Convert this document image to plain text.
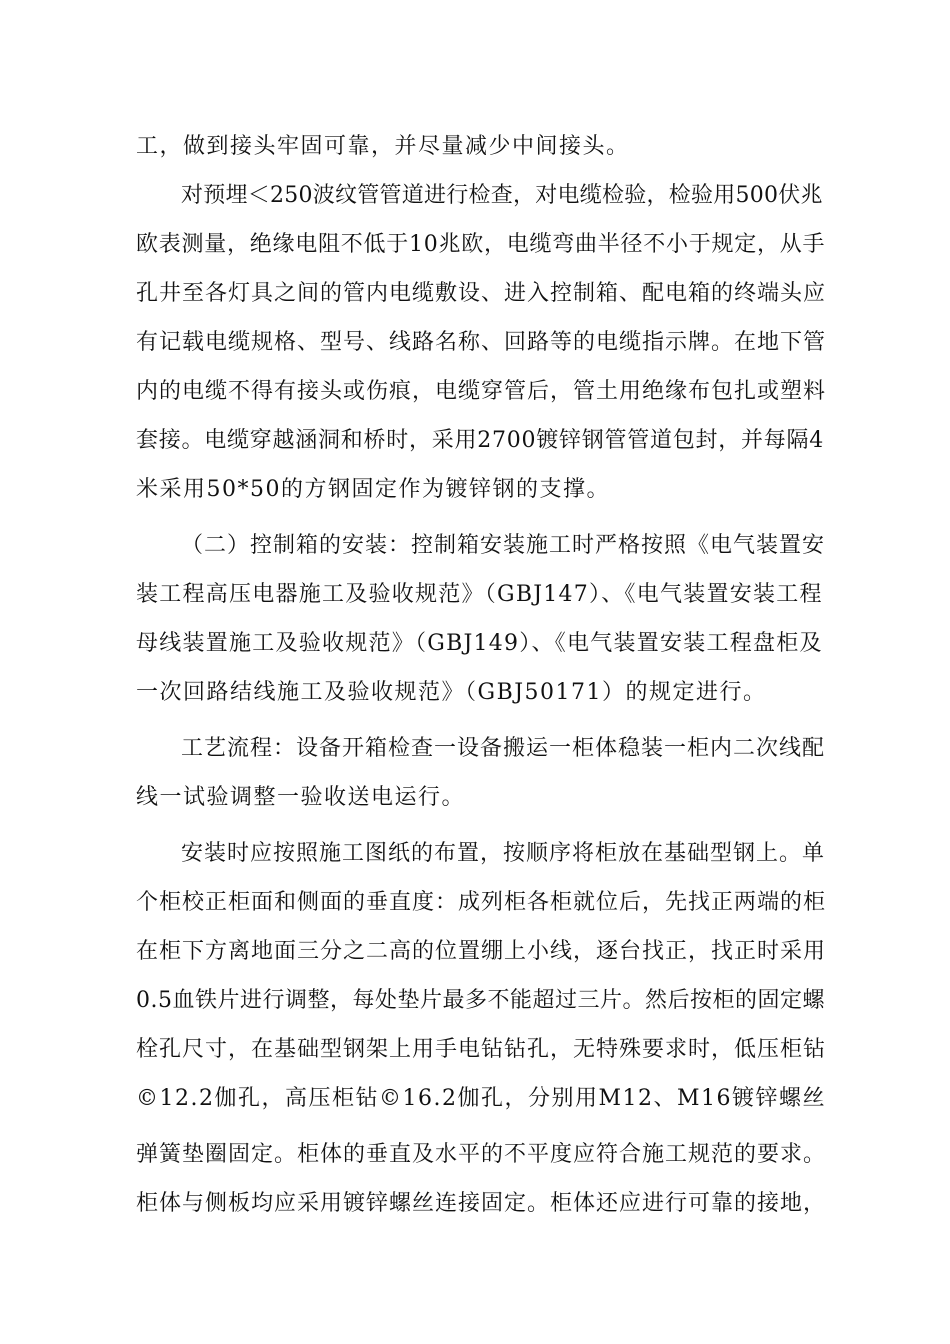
工，做到接头牢固可靠，并尽量减少中间接头。
对预埋＜250波纹管管道进行检查，对电缆检验，检验用500伏兆
欧表测量，绝缘电阻不低于10兆欧，电缆弯曲半径不小于规定，从手
孔井至各灯具之间的管内电缆敷设、进入控制箱、配电箱的终端头应
有记载电缆规格、型号、线路名称、回路等的电缆指示牌。在地下管
内的电缆不得有接头或伤痕，电缆穿管后，管土用绝缘布包扎或塑料
套接。电缆穿越涵洞和桥时，采用2700镀锌钢管管道包封，并每隔4
米采用50*50的方钢固定作为镀锌钢的支撑。
（二）控制箱的安装：控制箱安装施工时严格按照《电气装置安
装工程高压电器施工及验收规范》（GBJ147）、《电气装置安装工程
母线装置施工及验收规范》（GBJ149）、《电气装置安装工程盘柜及
一次回路结线施工及验收规范》（GBJ50171）的规定进行。
工艺流程：设备开箱检查一设备搬运一柜体稳装一柜内二次线配
线一试验调整一验收送电运行。
安装时应按照施工图纸的布置，按顺序将柜放在基础型钢上。单
个柜校正柜面和侧面的垂直度：成列柜各柜就位后，先找正两端的柜
在柜下方离地面三分之二高的位置绷上小线，逐台找正，找正时采用
0.5血铁片进行调整，每处垫片最多不能超过三片。然后按柜的固定螺
栓孔尺寸，在基础型钢架上用手电钻钻孔，无特殊要求时，低压柜钻
©12.2伽孔，高压柜钻©16.2伽孔，分别用M12、M16镀锌螺丝
弹簧垫圈固定。柜体的垂直及水平的不平度应符合施工规范的要求。
柜体与侧板均应采用镀锌螺丝连接固定。柜体还应进行可靠的接地，
